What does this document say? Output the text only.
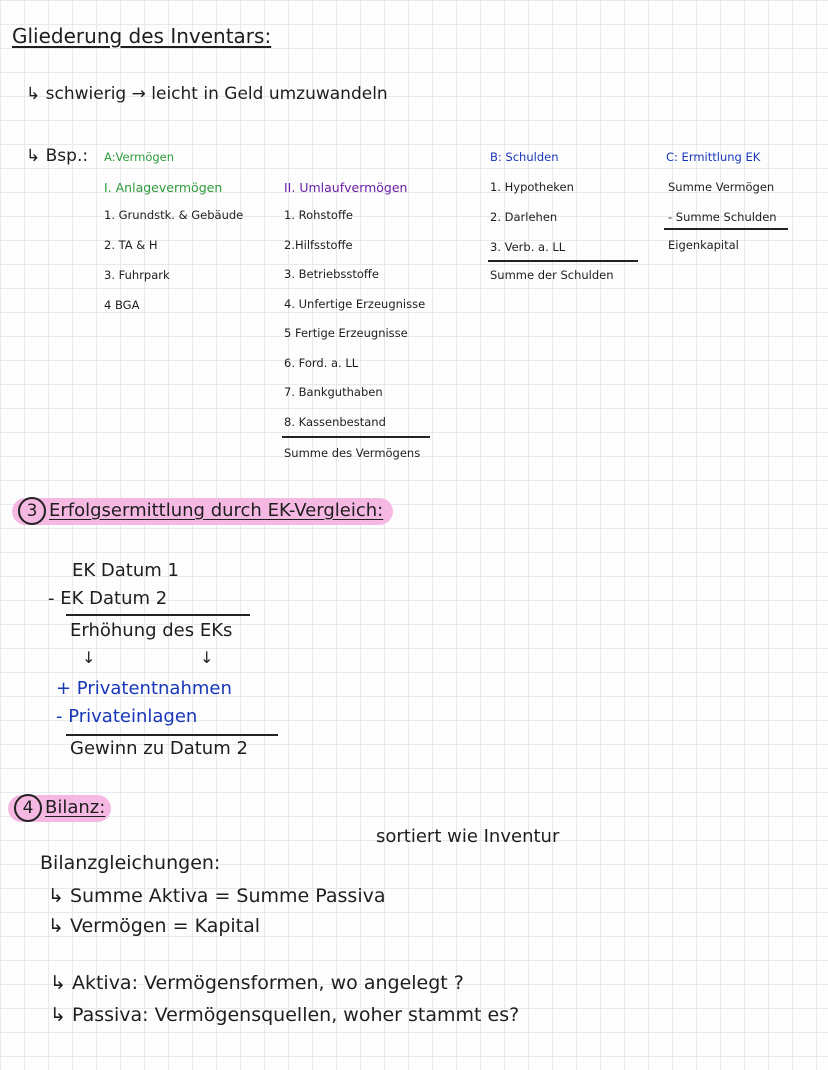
Gliederung des Inventars:
↳ schwierig → leicht in Geld umzuwandeln
↳ Bsp.: A:Vermögen
I. Anlagevermögen
1. Grundstk. & Gebäude
2. TA & H
3. Fuhrpark
4 BGA
II. Umlaufvermögen
1. Rohstoffe
2.Hilfsstoffe
3. Betriebsstoffe
4. Unfertige Erzeugnisse
5 Fertige Erzeugnisse
6. Ford. a. LL
7. Bankguthaben
8. Kassenbestand
Summe des Vermögens
B: Schulden
1. Hypotheken
2. Darlehen
3. Verb. a. LL
Summe der Schulden
C: Ermittlung EK
Summe Vermögen
- Summe Schulden
Eigenkapital
3 Erfolgsermittlung durch EK-Vergleich:
EK Datum 1
- EK Datum 2
Erhöhung des EKs
↓	↓
+ Privatentnahmen
- Privateinlagen
Gewinn zu Datum 2
4 Bilanz:
sortiert wie Inventur
Bilanzgleichungen:
↳ Summe Aktiva = Summe Passiva
↳ Vermögen = Kapital
↳ Aktiva: Vermögensformen, wo angelegt ?
↳ Passiva: Vermögensquellen, woher stammt es?
